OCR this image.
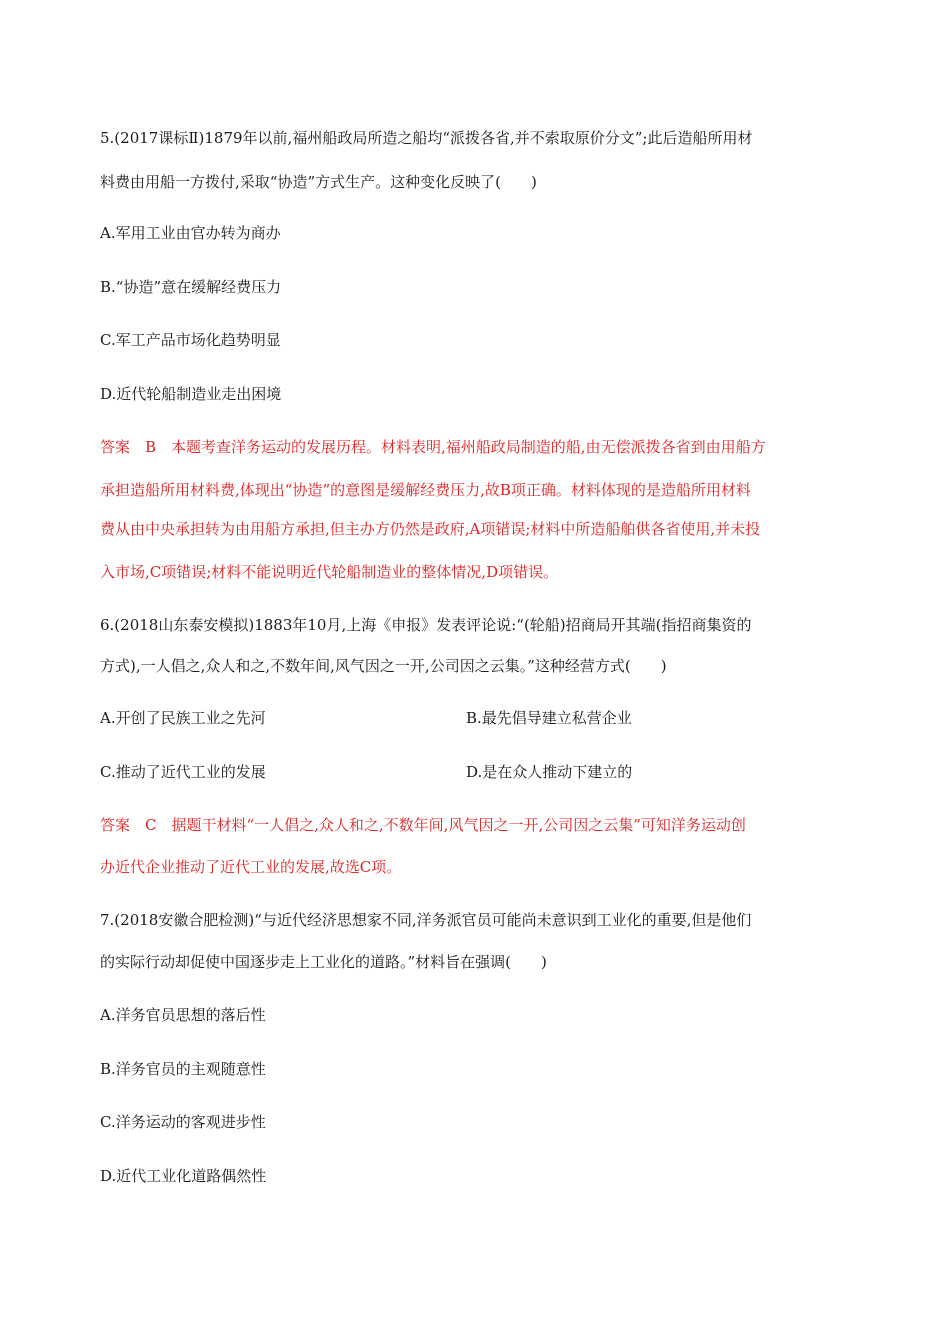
5.(2017课标Ⅱ)1879年以前,福州船政局所造之船均“派拨各省,并不索取原价分文”;此后造船所用材
料费由用船一方拨付,采取“协造”方式生产。这种变化反映了(　　)
A.军用工业由官办转为商办
B.“协造”意在缓解经费压力
C.军工产品市场化趋势明显
D.近代轮船制造业走出困境
答案　B　本题考查洋务运动的发展历程。材料表明,福州船政局制造的船,由无偿派拨各省到由用船方
承担造船所用材料费,体现出“协造”的意图是缓解经费压力,故B项正确。材料体现的是造船所用材料
费从由中央承担转为由用船方承担,但主办方仍然是政府,A项错误;材料中所造船舶供各省使用,并未投
入市场,C项错误;材料不能说明近代轮船制造业的整体情况,D项错误。
6.(2018山东泰安模拟)1883年10月,上海《申报》发表评论说:“(轮船)招商局开其端(指招商集资的
方式),一人倡之,众人和之,不数年间,风气因之一开,公司因之云集。”这种经营方式(　　)
A.开创了民族工业之先河	B.最先倡导建立私营企业
C.推动了近代工业的发展	D.是在众人推动下建立的
答案　C　据题干材料“一人倡之,众人和之,不数年间,风气因之一开,公司因之云集”可知洋务运动创
办近代企业推动了近代工业的发展,故选C项。
7.(2018安徽合肥检测)“与近代经济思想家不同,洋务派官员可能尚未意识到工业化的重要,但是他们
的实际行动却促使中国逐步走上工业化的道路。”材料旨在强调(　　)
A.洋务官员思想的落后性
B.洋务官员的主观随意性
C.洋务运动的客观进步性
D.近代工业化道路偶然性
